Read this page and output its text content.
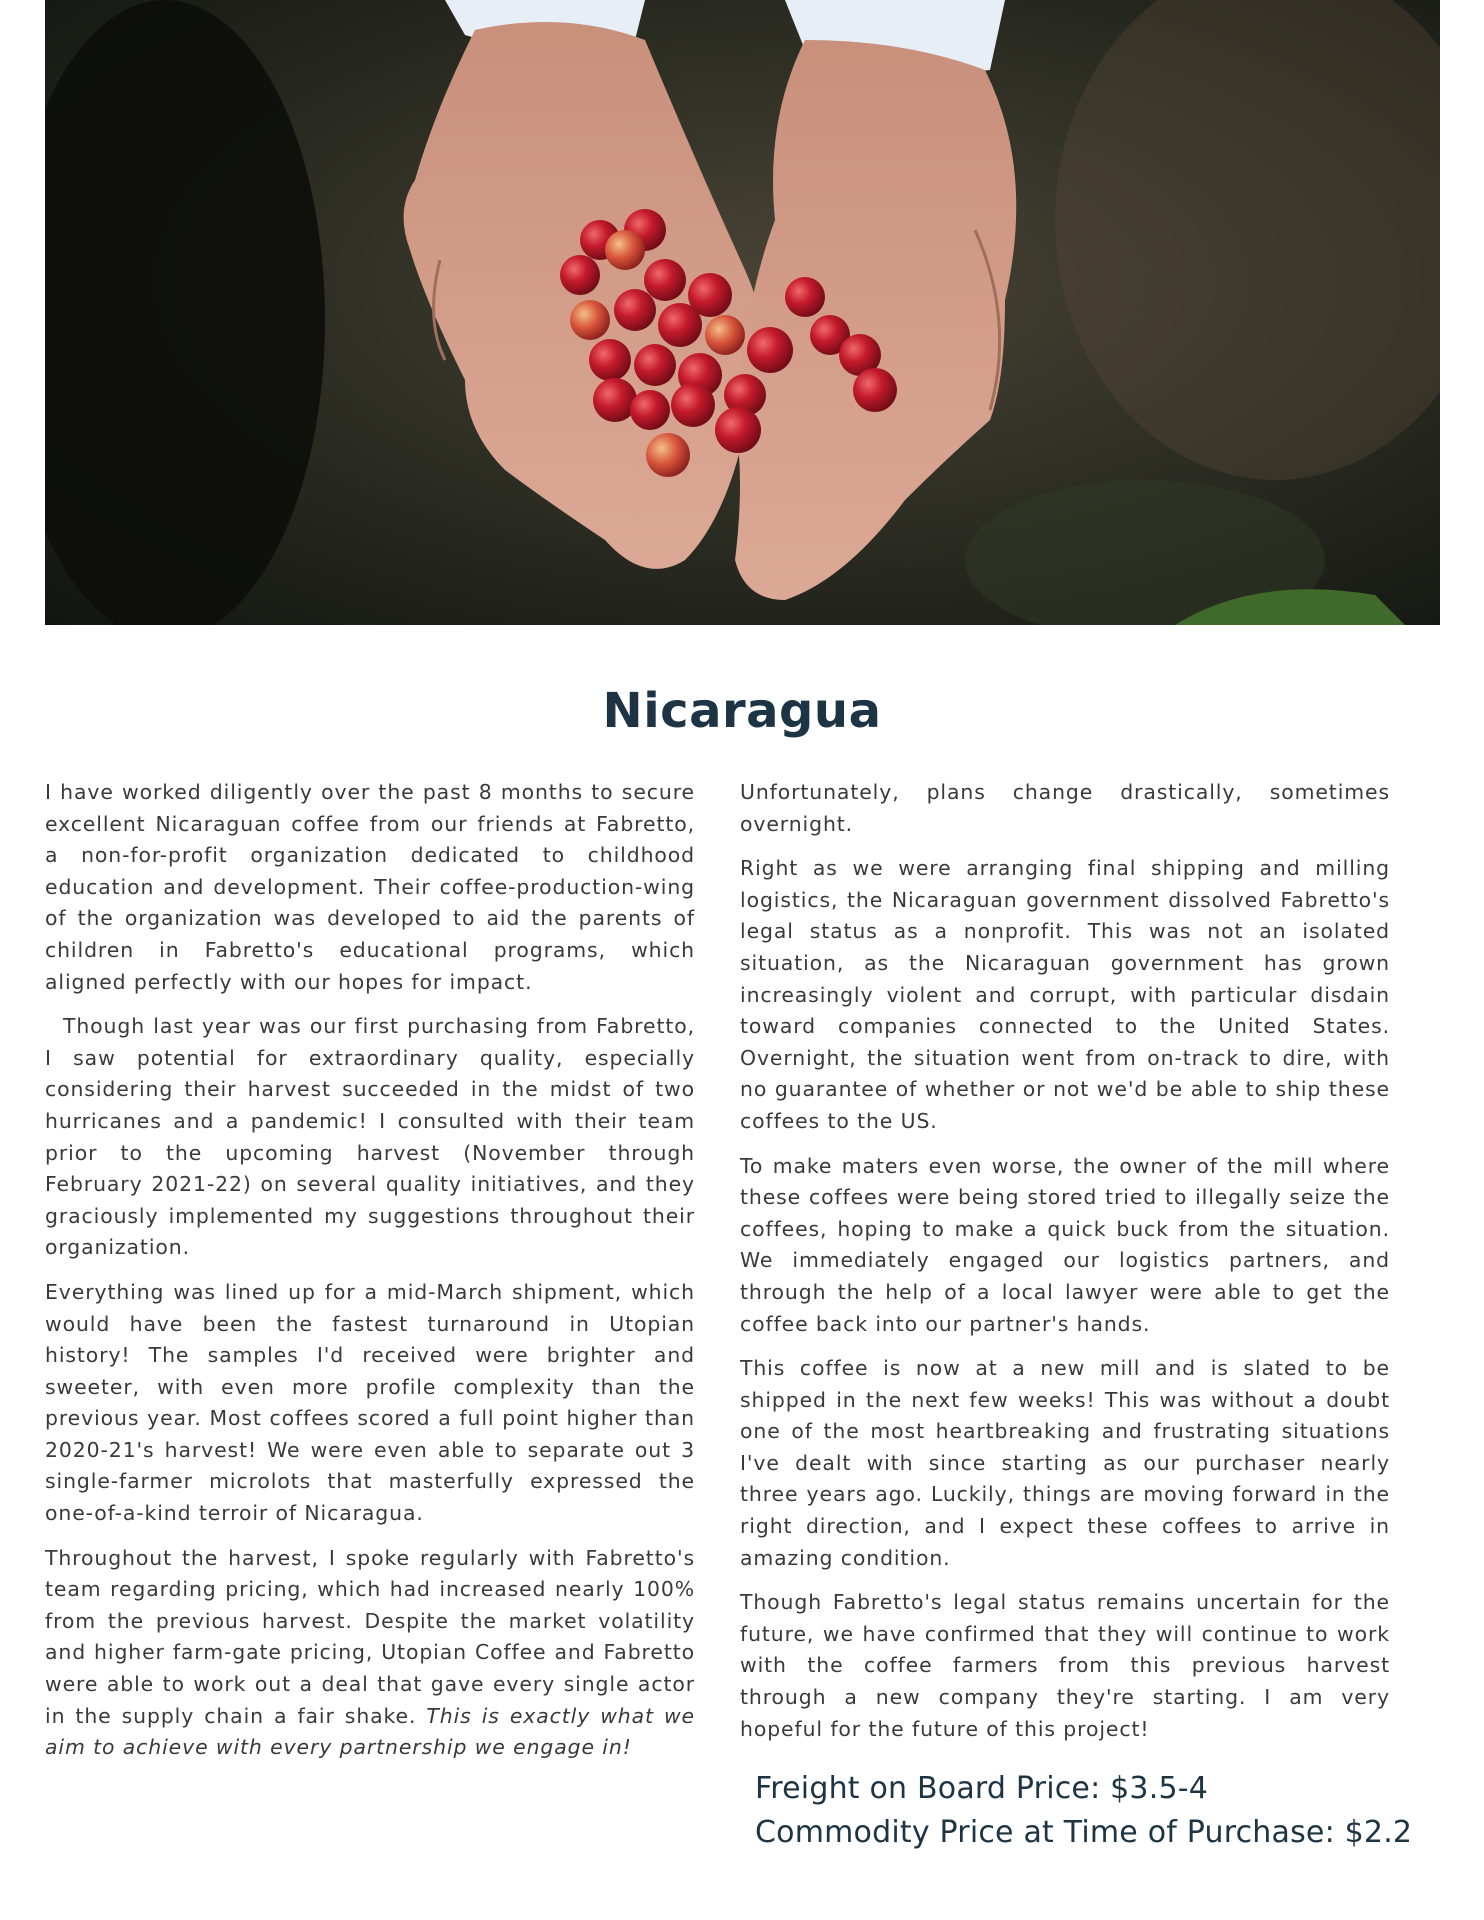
Nicaragua

I have worked diligently over the past 8 months to secure excellent Nicaraguan coffee from our friends at Fabretto, a non-for-profit organization dedicated to childhood education and development. Their coffee-production-wing of the organization was developed to aid the parents of children in Fabretto's educational programs, which aligned perfectly with our hopes for impact.

Though last year was our first purchasing from Fabretto, I saw potential for extraordinary quality, especially considering their harvest succeeded in the midst of two hurricanes and a pandemic! I consulted with their team prior to the upcoming harvest (November through February 2021-22) on several quality initiatives, and they graciously implemented my suggestions throughout their organization.

Everything was lined up for a mid-March shipment, which would have been the fastest turnaround in Utopian history! The samples I'd received were brighter and sweeter, with even more profile complexity than the previous year. Most coffees scored a full point higher than 2020-21's harvest! We were even able to separate out 3 single-farmer microlots that masterfully expressed the one-of-a-kind terroir of Nicaragua.

Throughout the harvest, I spoke regularly with Fabretto's team regarding pricing, which had increased nearly 100% from the previous harvest. Despite the market volatility and higher farm-gate pricing, Utopian Coffee and Fabretto were able to work out a deal that gave every single actor in the supply chain a fair shake. This is exactly what we aim to achieve with every partnership we engage in!

Unfortunately, plans change drastically, sometimes overnight.

Right as we were arranging final shipping and milling logistics, the Nicaraguan government dissolved Fabretto's legal status as a nonprofit. This was not an isolated situation, as the Nicaraguan government has grown increasingly violent and corrupt, with particular disdain toward companies connected to the United States. Overnight, the situation went from on-track to dire, with no guarantee of whether or not we'd be able to ship these coffees to the US.

To make maters even worse, the owner of the mill where these coffees were being stored tried to illegally seize the coffees, hoping to make a quick buck from the situation. We immediately engaged our logistics partners, and through the help of a local lawyer were able to get the coffee back into our partner's hands.

This coffee is now at a new mill and is slated to be shipped in the next few weeks! This was without a doubt one of the most heartbreaking and frustrating situations I've dealt with since starting as our purchaser nearly three years ago. Luckily, things are moving forward in the right direction, and I expect these coffees to arrive in amazing condition.

Though Fabretto's legal status remains uncertain for the future, we have confirmed that they will continue to work with the coffee farmers from this previous harvest through a new company they're starting. I am very hopeful for the future of this project!

Freight on Board Price: $3.5-4
Commodity Price at Time of Purchase: $2.2
